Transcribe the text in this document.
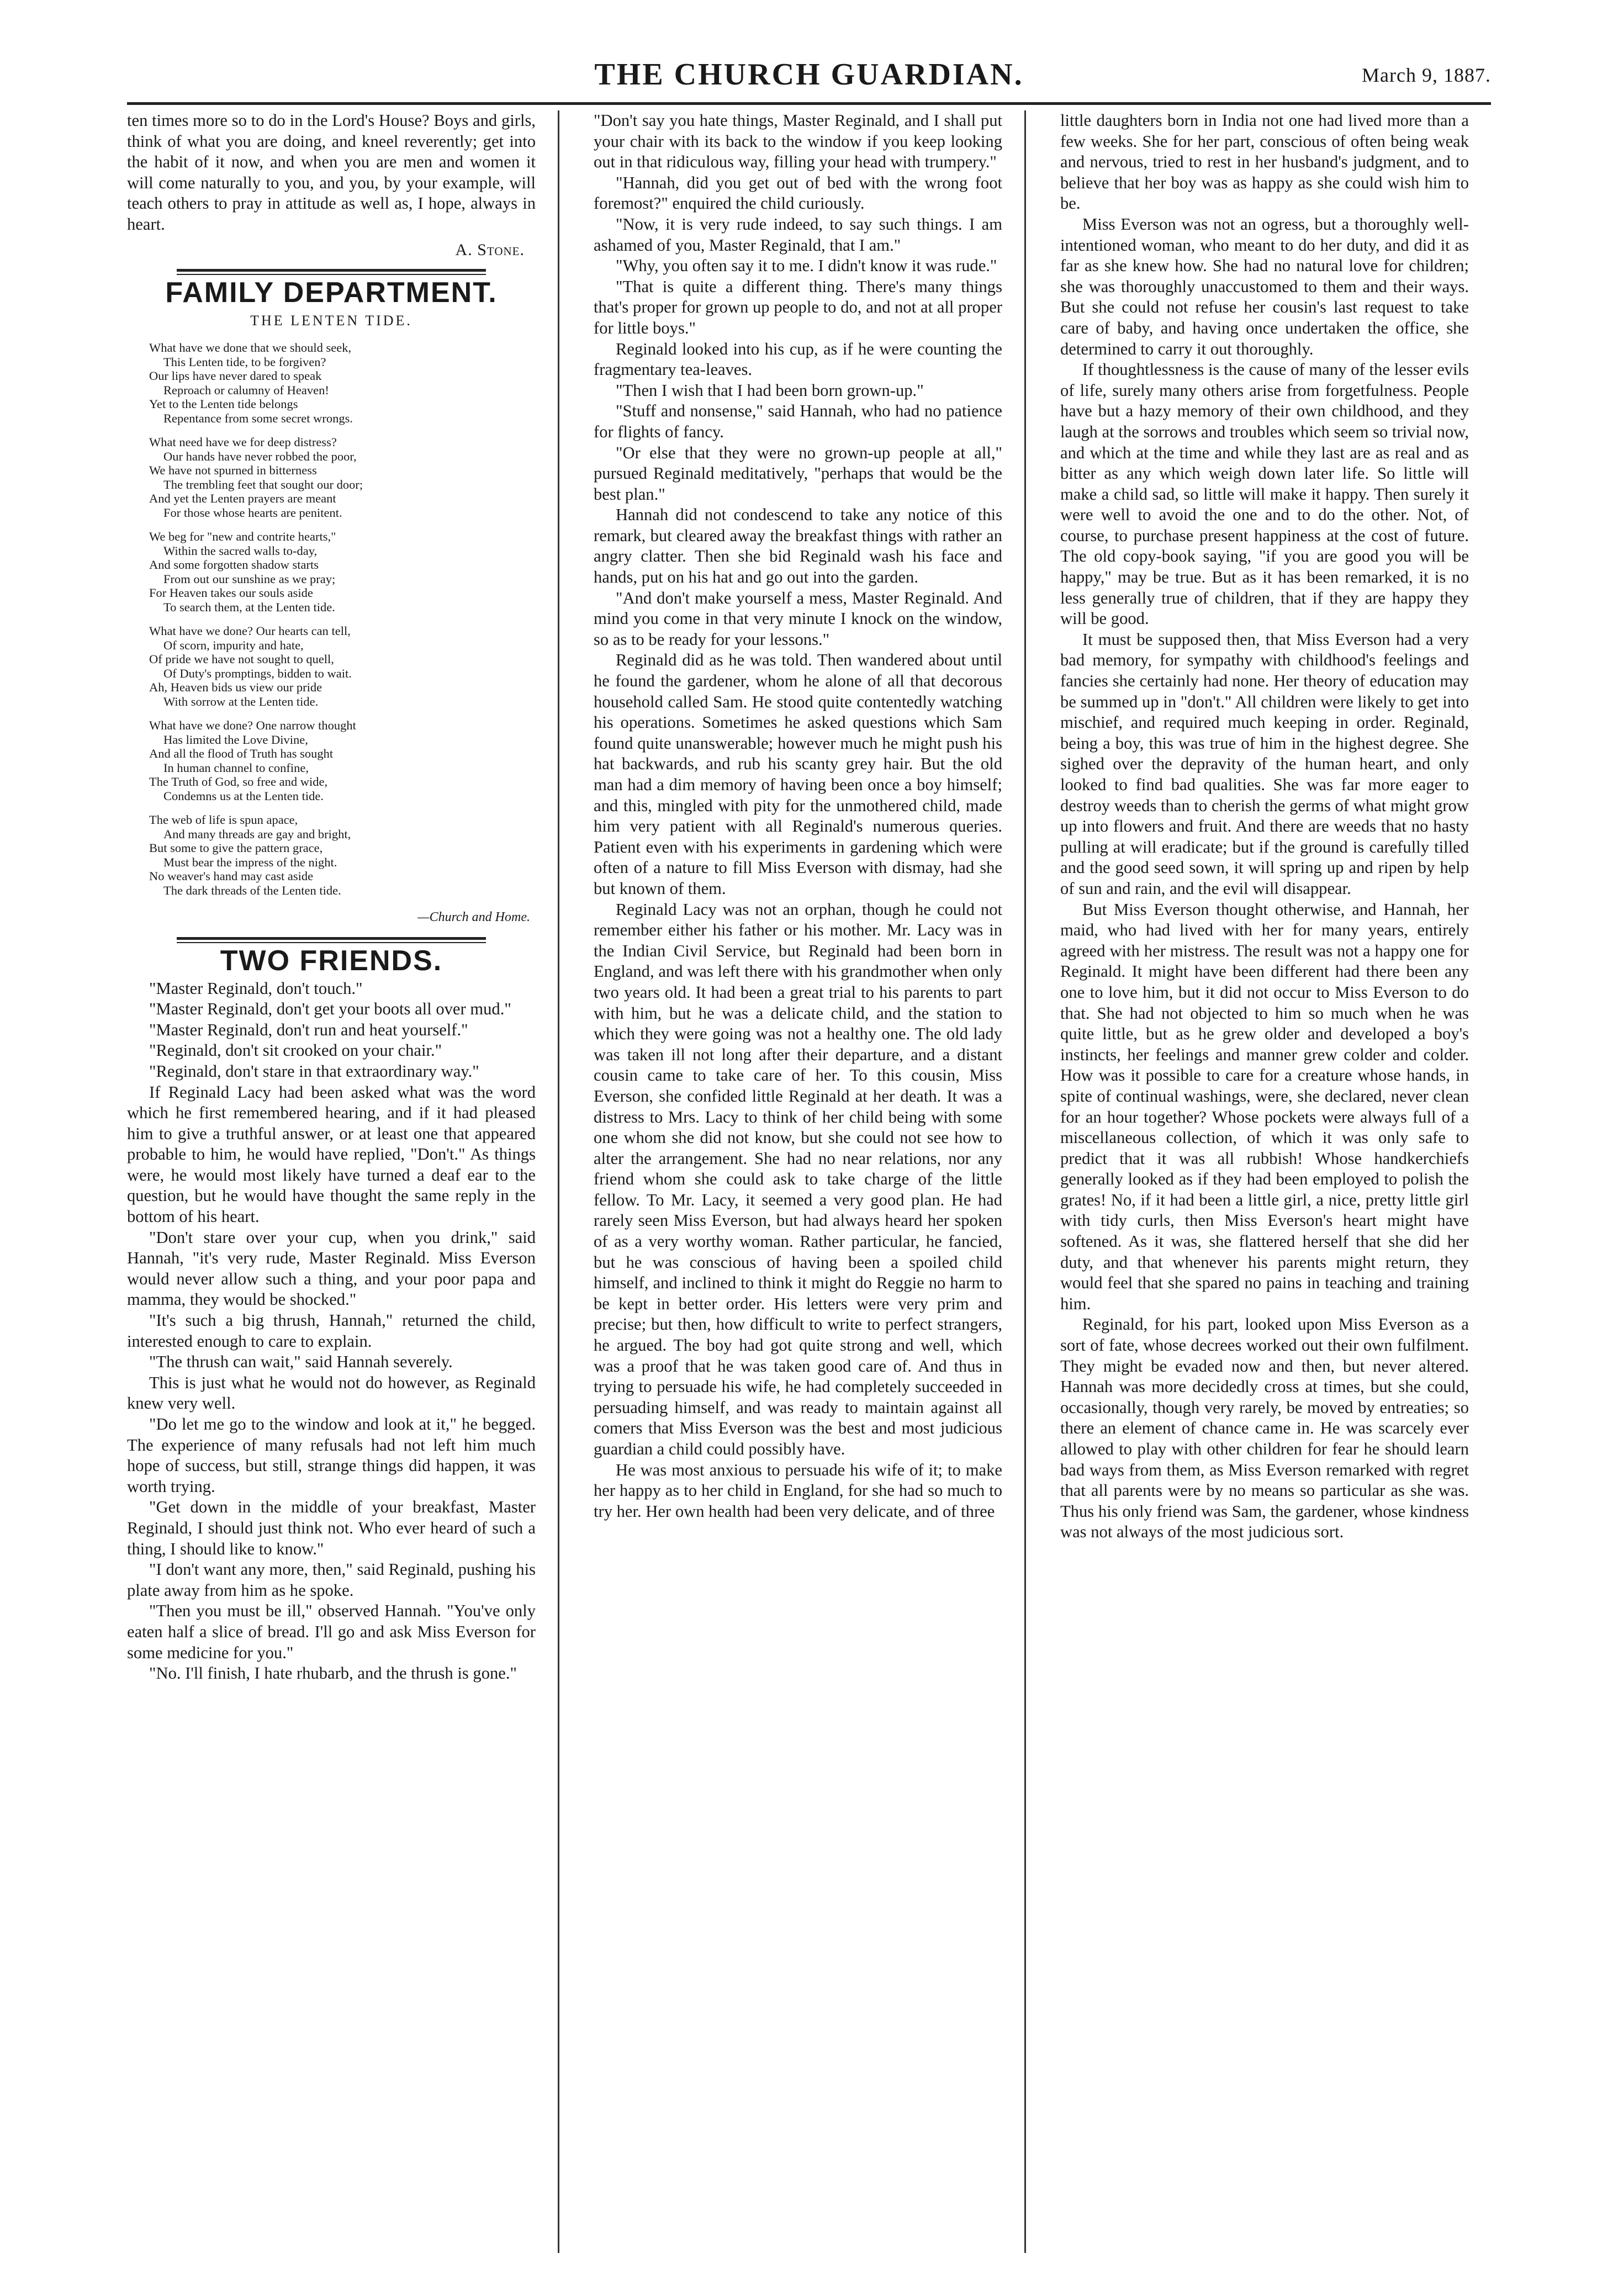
THE CHURCH GUARDIAN.	March 9, 1887.

ten times more so to do in the Lord's House? Boys and girls, think of what you are doing, and kneel reverently; get into the habit of it now, and when you are men and women it will come naturally to you, and you, by your example, will teach others to pray in attitude as well as, I hope, always in heart.

A. Stone.
FAMILY DEPARTMENT.
THE LENTEN TIDE.
What have we done that we should seek,
This Lenten tide, to be forgiven?
Our lips have never dared to speak
Reproach or calumny of Heaven!
Yet to the Lenten tide belongs
Repentance from some secret wrongs.
What need have we for deep distress?
Our hands have never robbed the poor,
We have not spurned in bitterness
The trembling feet that sought our door;
And yet the Lenten prayers are meant
For those whose hearts are penitent.
We beg for "new and contrite hearts,"
Within the sacred walls to-day,
And some forgotten shadow starts
From out our sunshine as we pray;
For Heaven takes our souls aside
To search them, at the Lenten tide.
What have we done? Our hearts can tell,
Of scorn, impurity and hate,
Of pride we have not sought to quell,
Of Duty's promptings, bidden to wait.
Ah, Heaven bids us view our pride
With sorrow at the Lenten tide.
What have we done? One narrow thought
Has limited the Love Divine,
And all the flood of Truth has sought
In human channel to confine,
The Truth of God, so free and wide,
Condemns us at the Lenten tide.
The web of life is spun apace,
And many threads are gay and bright,
But some to give the pattern grace,
Must bear the impress of the night.
No weaver's hand may cast aside
The dark threads of the Lenten tide.
—Church and Home.
TWO FRIENDS.

"Master Reginald, don't touch."

"Master Reginald, don't get your boots all over mud."

"Master Reginald, don't run and heat yourself."

"Reginald, don't sit crooked on your chair."

"Reginald, don't stare in that extraordinary way."

If Reginald Lacy had been asked what was the word which he first remembered hearing, and if it had pleased him to give a truthful answer, or at least one that appeared probable to him, he would have replied, "Don't." As things were, he would most likely have turned a deaf ear to the question, but he would have thought the same reply in the bottom of his heart.

"Don't stare over your cup, when you drink," said Hannah, "it's very rude, Master Reginald. Miss Everson would never allow such a thing, and your poor papa and mamma, they would be shocked."

"It's such a big thrush, Hannah," returned the child, interested enough to care to explain.

"The thrush can wait," said Hannah severely.

This is just what he would not do however, as Reginald knew very well.

"Do let me go to the window and look at it," he begged. The experience of many refusals had not left him much hope of success, but still, strange things did happen, it was worth trying.

"Get down in the middle of your breakfast, Master Reginald, I should just think not. Who ever heard of such a thing, I should like to know."

"I don't want any more, then," said Reginald, pushing his plate away from him as he spoke.

"Then you must be ill," observed Hannah. "You've only eaten half a slice of bread. I'll go and ask Miss Everson for some medicine for you."

"No. I'll finish, I hate rhubarb, and the thrush is gone."

"Don't say you hate things, Master Reginald, and I shall put your chair with its back to the window if you keep looking out in that ridiculous way, filling your head with trumpery."

"Hannah, did you get out of bed with the wrong foot foremost?" enquired the child curiously.

"Now, it is very rude indeed, to say such things. I am ashamed of you, Master Reginald, that I am."

"Why, you often say it to me. I didn't know it was rude."

"That is quite a different thing. There's many things that's proper for grown up people to do, and not at all proper for little boys."

Reginald looked into his cup, as if he were counting the fragmentary tea-leaves.

"Then I wish that I had been born grown-up."

"Stuff and nonsense," said Hannah, who had no patience for flights of fancy.

"Or else that they were no grown-up people at all," pursued Reginald meditatively, "perhaps that would be the best plan."

Hannah did not condescend to take any notice of this remark, but cleared away the breakfast things with rather an angry clatter. Then she bid Reginald wash his face and hands, put on his hat and go out into the garden.

"And don't make yourself a mess, Master Reginald. And mind you come in that very minute I knock on the window, so as to be ready for your lessons."

Reginald did as he was told. Then wandered about until he found the gardener, whom he alone of all that decorous household called Sam. He stood quite contentedly watching his operations. Sometimes he asked questions which Sam found quite unanswerable; however much he might push his hat backwards, and rub his scanty grey hair. But the old man had a dim memory of having been once a boy himself; and this, mingled with pity for the unmothered child, made him very patient with all Reginald's numerous queries. Patient even with his experiments in gardening which were often of a nature to fill Miss Everson with dismay, had she but known of them.

Reginald Lacy was not an orphan, though he could not remember either his father or his mother. Mr. Lacy was in the Indian Civil Service, but Reginald had been born in England, and was left there with his grandmother when only two years old. It had been a great trial to his parents to part with him, but he was a delicate child, and the station to which they were going was not a healthy one. The old lady was taken ill not long after their departure, and a distant cousin came to take care of her. To this cousin, Miss Everson, she confided little Reginald at her death. It was a distress to Mrs. Lacy to think of her child being with some one whom she did not know, but she could not see how to alter the arrangement. She had no near relations, nor any friend whom she could ask to take charge of the little fellow. To Mr. Lacy, it seemed a very good plan. He had rarely seen Miss Everson, but had always heard her spoken of as a very worthy woman. Rather particular, he fancied, but he was conscious of having been a spoiled child himself, and inclined to think it might do Reggie no harm to be kept in better order. His letters were very prim and precise; but then, how difficult to write to perfect strangers, he argued. The boy had got quite strong and well, which was a proof that he was taken good care of. And thus in trying to persuade his wife, he had completely succeeded in persuading himself, and was ready to maintain against all comers that Miss Everson was the best and most judicious guardian a child could possibly have.

He was most anxious to persuade his wife of it; to make her happy as to her child in England, for she had so much to try her. Her own health had been very delicate, and of three

little daughters born in India not one had lived more than a few weeks. She for her part, conscious of often being weak and nervous, tried to rest in her husband's judgment, and to believe that her boy was as happy as she could wish him to be.

Miss Everson was not an ogress, but a thoroughly well-intentioned woman, who meant to do her duty, and did it as far as she knew how. She had no natural love for children; she was thoroughly unaccustomed to them and their ways. But she could not refuse her cousin's last request to take care of baby, and having once undertaken the office, she determined to carry it out thoroughly.

If thoughtlessness is the cause of many of the lesser evils of life, surely many others arise from forgetfulness. People have but a hazy memory of their own childhood, and they laugh at the sorrows and troubles which seem so trivial now, and which at the time and while they last are as real and as bitter as any which weigh down later life. So little will make a child sad, so little will make it happy. Then surely it were well to avoid the one and to do the other. Not, of course, to purchase present happiness at the cost of future. The old copy-book saying, "if you are good you will be happy," may be true. But as it has been remarked, it is no less generally true of children, that if they are happy they will be good.

It must be supposed then, that Miss Everson had a very bad memory, for sympathy with childhood's feelings and fancies she certainly had none. Her theory of education may be summed up in "don't." All children were likely to get into mischief, and required much keeping in order. Reginald, being a boy, this was true of him in the highest degree. She sighed over the depravity of the human heart, and only looked to find bad qualities. She was far more eager to destroy weeds than to cherish the germs of what might grow up into flowers and fruit. And there are weeds that no hasty pulling at will eradicate; but if the ground is carefully tilled and the good seed sown, it will spring up and ripen by help of sun and rain, and the evil will disappear.

But Miss Everson thought otherwise, and Hannah, her maid, who had lived with her for many years, entirely agreed with her mistress. The result was not a happy one for Reginald. It might have been different had there been any one to love him, but it did not occur to Miss Everson to do that. She had not objected to him so much when he was quite little, but as he grew older and developed a boy's instincts, her feelings and manner grew colder and colder. How was it possible to care for a creature whose hands, in spite of continual washings, were, she declared, never clean for an hour together? Whose pockets were always full of a miscellaneous collection, of which it was only safe to predict that it was all rubbish! Whose handkerchiefs generally looked as if they had been employed to polish the grates! No, if it had been a little girl, a nice, pretty little girl with tidy curls, then Miss Everson's heart might have softened. As it was, she flattered herself that she did her duty, and that whenever his parents might return, they would feel that she spared no pains in teaching and training him.

Reginald, for his part, looked upon Miss Everson as a sort of fate, whose decrees worked out their own fulfilment. They might be evaded now and then, but never altered. Hannah was more decidedly cross at times, but she could, occasionally, though very rarely, be moved by entreaties; so there an element of chance came in. He was scarcely ever allowed to play with other children for fear he should learn bad ways from them, as Miss Everson remarked with regret that all parents were by no means so particular as she was. Thus his only friend was Sam, the gardener, whose kindness was not always of the most judicious sort.
